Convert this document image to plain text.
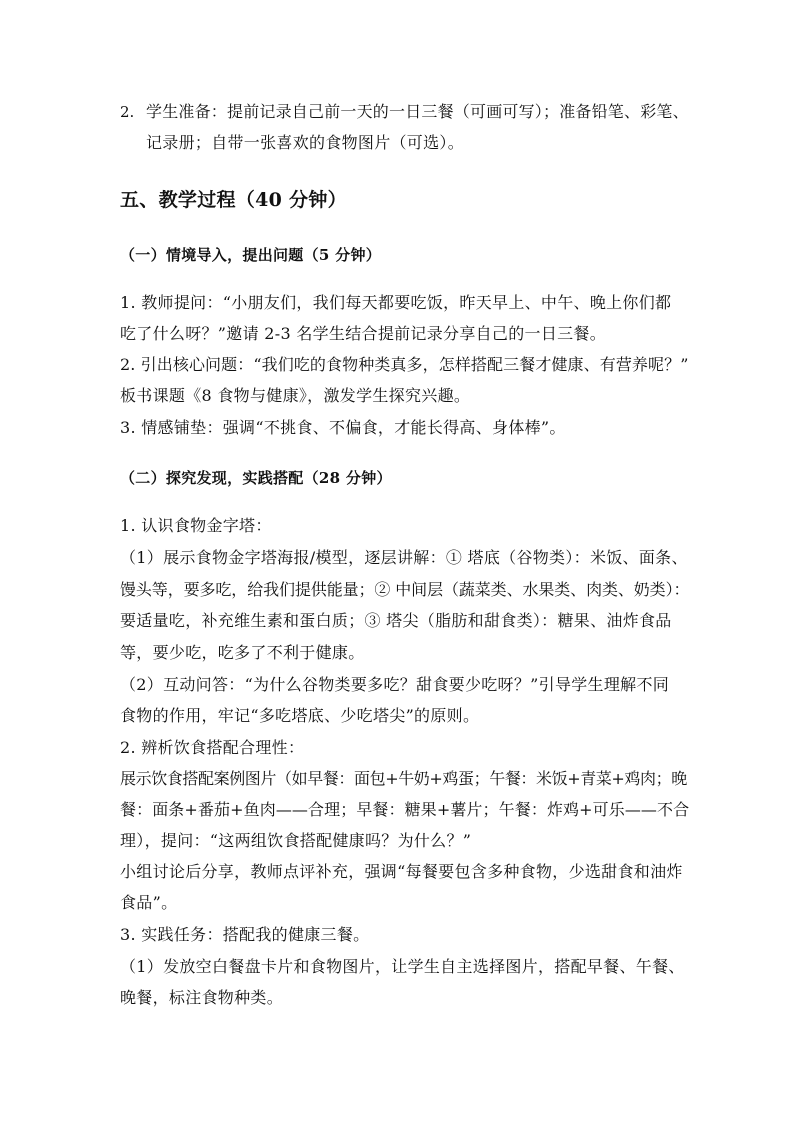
2. 学生准备：提前记录自己前一天的一日三餐（可画可写）；准备铅笔、彩笔、
记录册；自带一张喜欢的食物图片（可选）。
五、教学过程（40 分钟）
（一）情境导入，提出问题（5 分钟）
1. 教师提问：“小朋友们，我们每天都要吃饭，昨天早上、中午、晚上你们都
吃了什么呀？”邀请 2-3 名学生结合提前记录分享自己的一日三餐。
2. 引出核心问题：“我们吃的食物种类真多，怎样搭配三餐才健康、有营养呢？”
板书课题《8 食物与健康》，激发学生探究兴趣。
3. 情感铺垫：强调“不挑食、不偏食，才能长得高、身体棒”。
（二）探究发现，实践搭配（28 分钟）
1. 认识食物金字塔：
（1）展示食物金字塔海报/模型，逐层讲解：① 塔底（谷物类）：米饭、面条、
馒头等，要多吃，给我们提供能量；② 中间层（蔬菜类、水果类、肉类、奶类）：
要适量吃，补充维生素和蛋白质；③ 塔尖（脂肪和甜食类）：糖果、油炸食品
等，要少吃，吃多了不利于健康。
（2）互动问答：“为什么谷物类要多吃？甜食要少吃呀？”引导学生理解不同
食物的作用，牢记“多吃塔底、少吃塔尖”的原则。
2. 辨析饮食搭配合理性：
展示饮食搭配案例图片（如早餐：面包+牛奶+鸡蛋；午餐：米饭+青菜+鸡肉；晚
餐：面条+番茄+鱼肉——合理；早餐：糖果+薯片；午餐：炸鸡+可乐——不合
理），提问：“这两组饮食搭配健康吗？为什么？”
小组讨论后分享，教师点评补充，强调“每餐要包含多种食物，少选甜食和油炸
食品”。
3. 实践任务：搭配我的健康三餐。
（1）发放空白餐盘卡片和食物图片，让学生自主选择图片，搭配早餐、午餐、
晚餐，标注食物种类。
